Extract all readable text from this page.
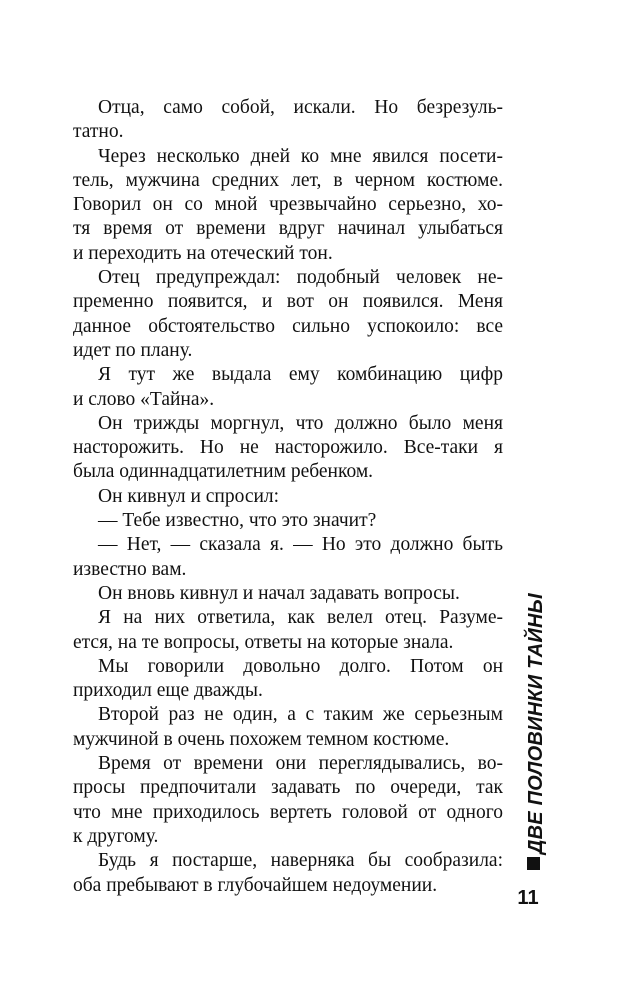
Отца, само собой, искали. Но безрезуль-
татно.

Через несколько дней ко мне явился посети-
тель, мужчина средних лет, в черном костюме.
Говорил он со мной чрезвычайно серьезно, хо-
тя время от времени вдруг начинал улыбаться
и переходить на отеческий тон.

Отец предупреждал: подобный человек не-
пременно появится, и вот он появился. Меня
данное обстоятельство сильно успокоило: все
идет по плану.

Я тут же выдала ему комбинацию цифр
и слово «Тайна».

Он трижды моргнул, что должно было меня
насторожить. Но не насторожило. Все-таки я
была одиннадцатилетним ребенком.

Он кивнул и спросил:

— Тебе известно, что это значит?

— Нет, — сказала я. — Но это должно быть
известно вам.

Он вновь кивнул и начал задавать вопросы.

Я на них ответила, как велел отец. Разуме-
ется, на те вопросы, ответы на которые знала.

Мы говорили довольно долго. Потом он
приходил еще дважды.

Второй раз не один, а с таким же серьезным
мужчиной в очень похожем темном костюме.

Время от времени они переглядывались, во-
просы предпочитали задавать по очереди, так
что мне приходилось вертеть головой от одного
к другому.

Будь я постарше, наверняка бы сообразила:
оба пребывают в глубочайшем недоумении.

ДВЕ ПОЛОВИНКИ ТАЙНЫ
11
